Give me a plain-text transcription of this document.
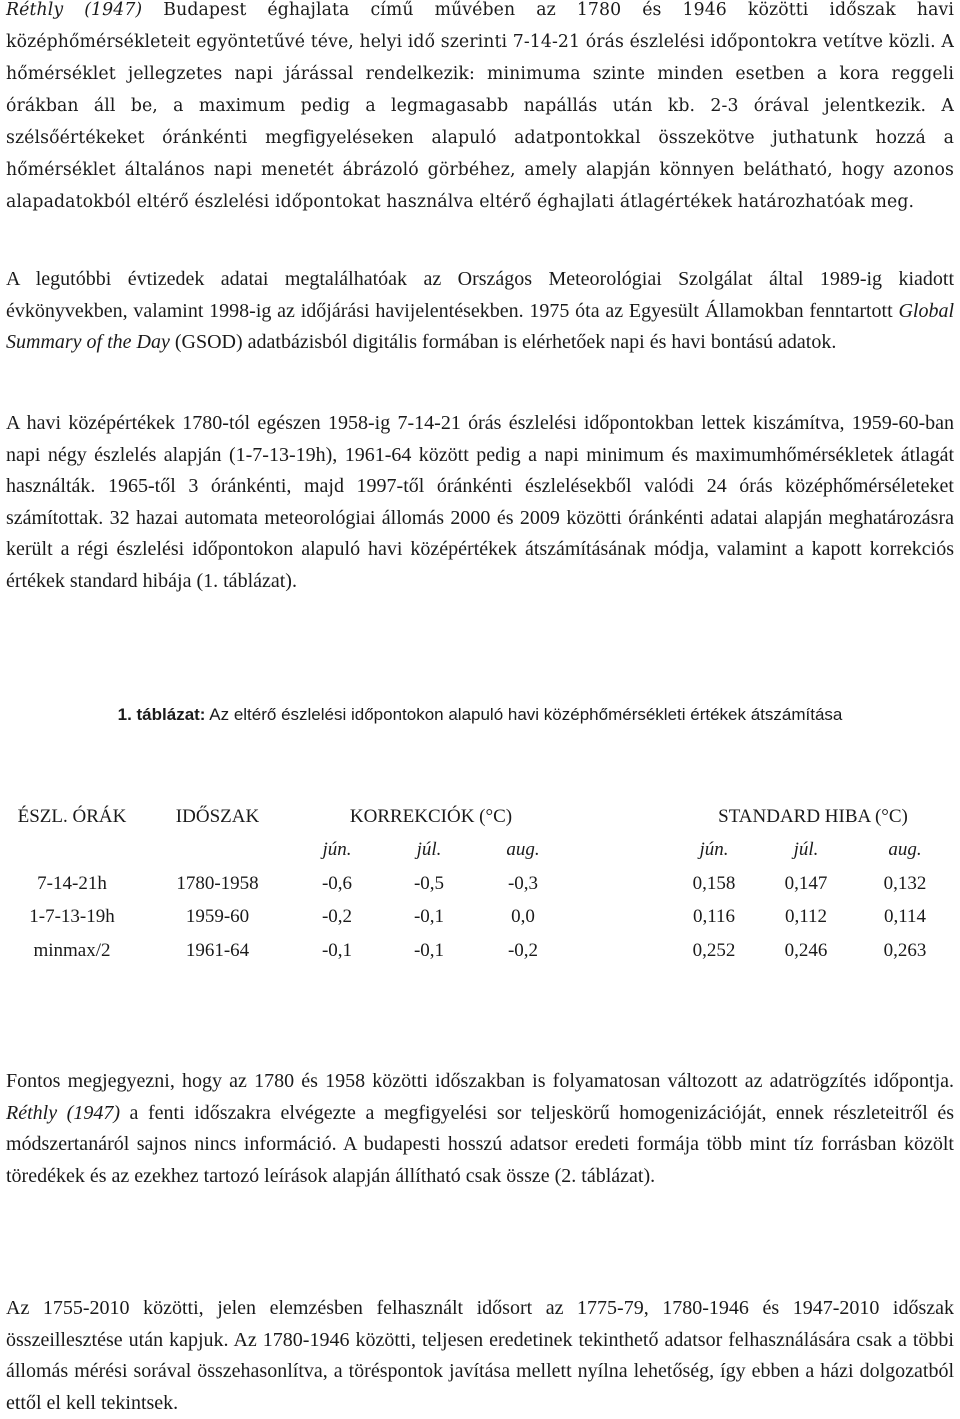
Réthly (1947) Budapest éghajlata című művében az 1780 és 1946 közötti időszak havi középhőmérsékleteit egyöntetűvé téve, helyi idő szerinti 7-14-21 órás észlelési időpontokra vetítve közli. A hőmérséklet jellegzetes napi járással rendelkezik: minimuma szinte minden esetben a kora reggeli órákban áll be, a maximum pedig a legmagasabb napállás után kb. 2-3 órával jelentkezik. A szélsőértékeket óránkénti megfigyeléseken alapuló adatpontokkal összekötve juthatunk hozzá a hőmérséklet általános napi menetét ábrázoló görbéhez, amely alapján könnyen belátható, hogy azonos alapadatokból eltérő észlelési időpontokat használva eltérő éghajlati átlagértékek határozhatóak meg.

A legutóbbi évtizedek adatai megtalálhatóak az Országos Meteorológiai Szolgálat által 1989-ig kiadott évkönyvekben, valamint 1998-ig az időjárási havijelentésekben. 1975 óta az Egyesült Államokban fenntartott Global Summary of the Day (GSOD) adatbázisból digitális formában is elérhetőek napi és havi bontású adatok.

A havi középértékek 1780-tól egészen 1958-ig 7-14-21 órás észlelési időpontokban lettek kiszámítva, 1959-60-ban napi négy észlelés alapján (1-7-13-19h), 1961-64 között pedig a napi minimum és maximumhőmérsékletek átlagát használták. 1965-től 3 óránkénti, majd 1997-től óránkénti észlelésekből valódi 24 órás középhőmérséleteket számítottak. 32 hazai automata meteorológiai állomás 2000 és 2009 közötti óránkénti adatai alapján meghatározásra került a régi észlelési időpontokon alapuló havi középértékek átszámításának módja, valamint a kapott korrekciós értékek standard hibája (1. táblázat).

1. táblázat: Az eltérő észlelési időpontokon alapuló havi középhőmérsékleti értékek átszámítása

ÉSZL. ÓRÁK	IDŐSZAK	KORREKCIÓK (°C)				STANDARD HIBA (°C)		
		jún.	júl.	aug.		jún.	júl.	aug.
7-14-21h	1780-1958	-0,6	-0,5	-0,3		0,158	0,147	0,132
1-7-13-19h	1959-60	-0,2	-0,1	0,0		0,116	0,112	0,114
minmax/2	1961-64	-0,1	-0,1	-0,2		0,252	0,246	0,263

Fontos megjegyezni, hogy az 1780 és 1958 közötti időszakban is folyamatosan változott az adatrögzítés időpontja. Réthly (1947) a fenti időszakra elvégezte a megfigyelési sor teljeskörű homogenizációját, ennek részleteitről és módszertanáról sajnos nincs információ. A budapesti hosszú adatsor eredeti formája több mint tíz forrásban közölt töredékek és az ezekhez tartozó leírások alapján állítható csak össze (2. táblázat).

Az 1755-2010 közötti, jelen elemzésben felhasznált idősort az 1775-79, 1780-1946 és 1947-2010 időszak összeillesztése után kapjuk. Az 1780-1946 közötti, teljesen eredetinek tekinthető adatsor felhasználására csak a többi állomás mérési sorával összehasonlítva, a töréspontok javítása mellett nyílna lehetőség, így ebben a házi dolgozatból ettől el kell tekintsek.
